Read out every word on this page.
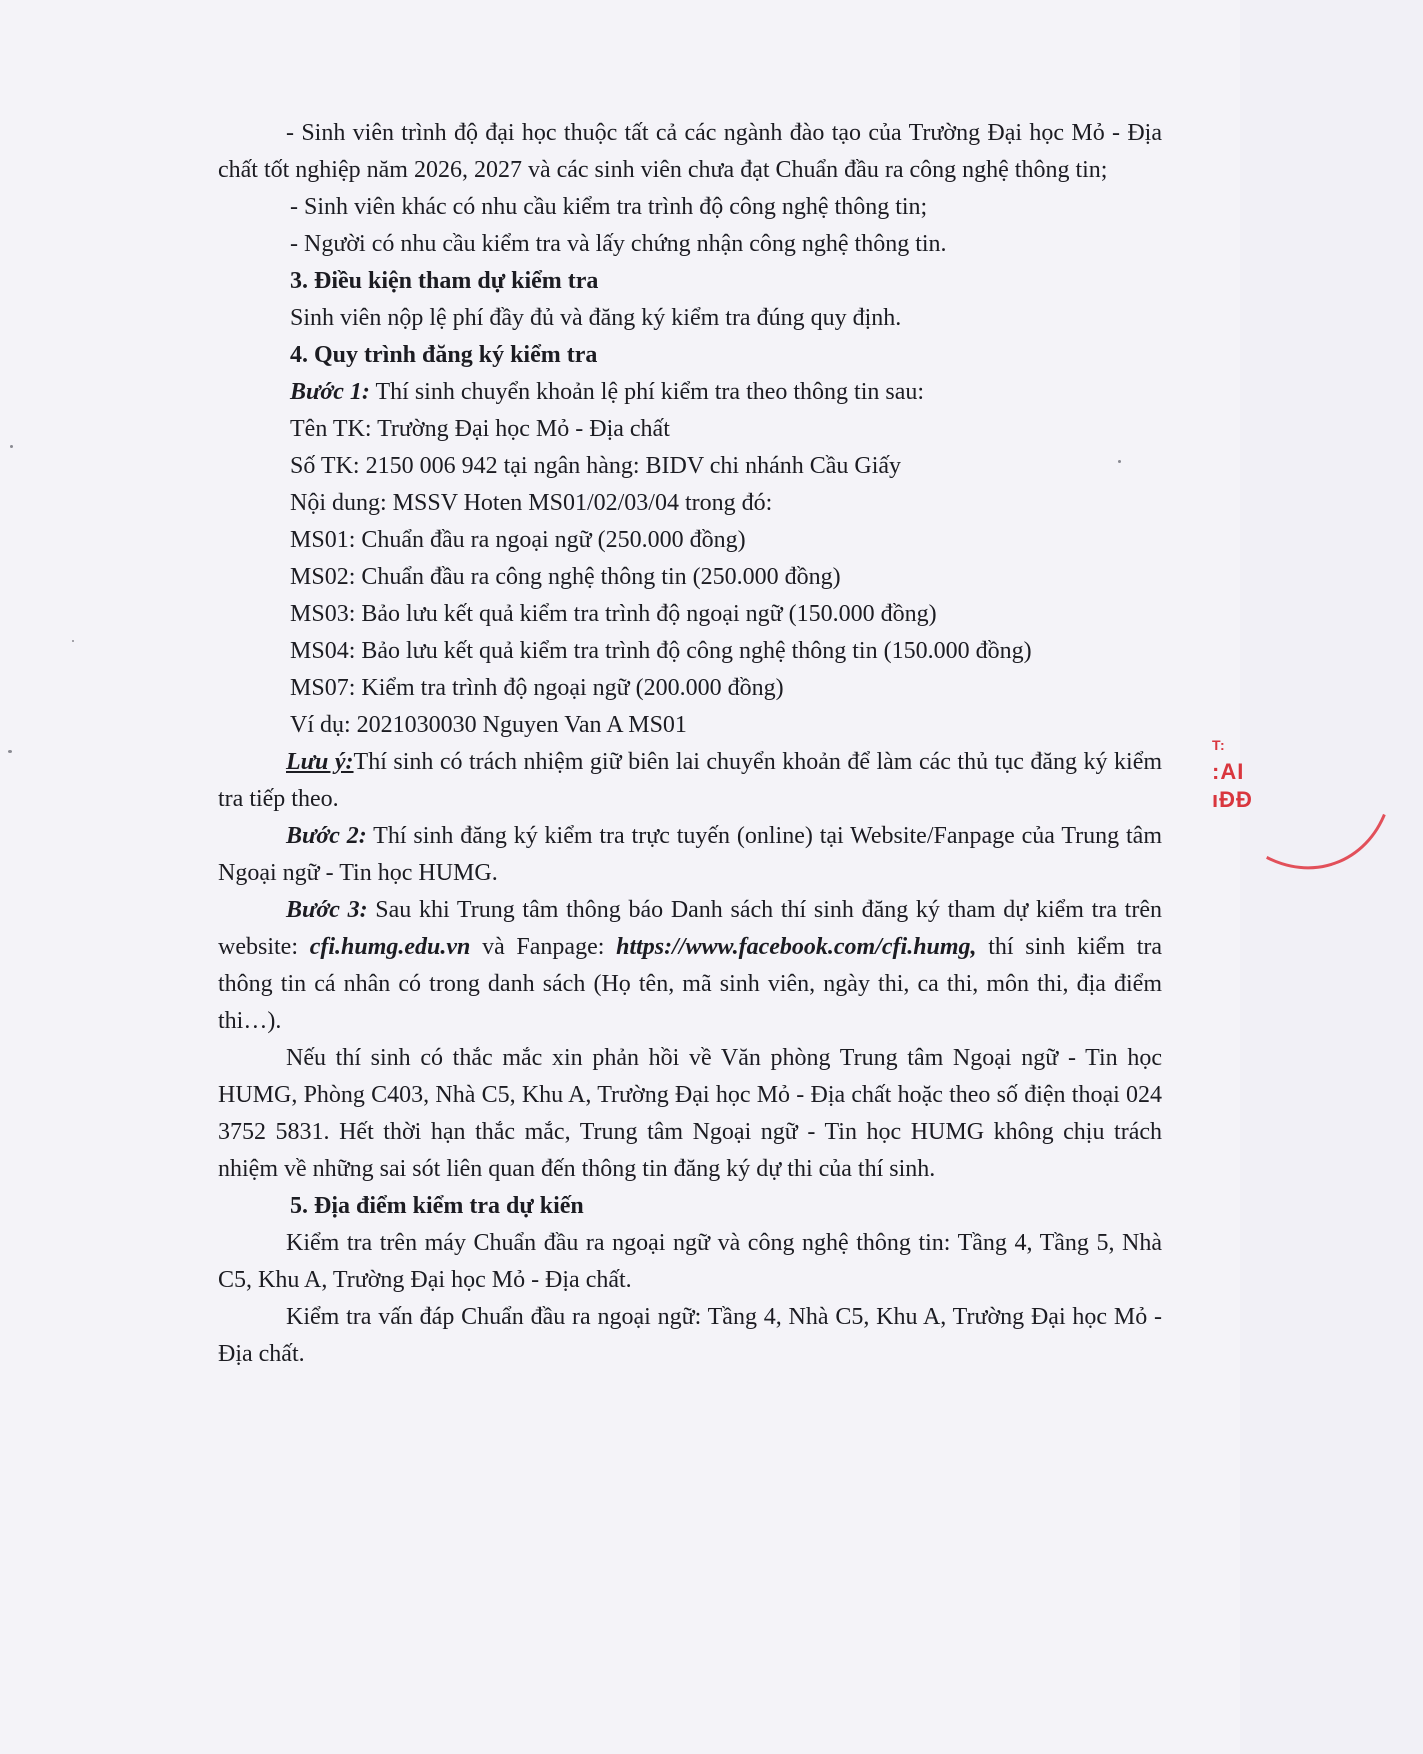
- Sinh viên trình độ đại học thuộc tất cả các ngành đào tạo của Trường Đại học Mỏ - Địa chất tốt nghiệp năm 2026, 2027 và các sinh viên chưa đạt Chuẩn đầu ra công nghệ thông tin;

- Sinh viên khác có nhu cầu kiểm tra trình độ công nghệ thông tin;

- Người có nhu cầu kiểm tra và lấy chứng nhận công nghệ thông tin.

3. Điều kiện tham dự kiểm tra

Sinh viên nộp lệ phí đầy đủ và đăng ký kiểm tra đúng quy định.

4. Quy trình đăng ký kiểm tra

Bước 1: Thí sinh chuyển khoản lệ phí kiểm tra theo thông tin sau:

Tên TK: Trường Đại học Mỏ - Địa chất

Số TK: 2150 006 942 tại ngân hàng: BIDV chi nhánh Cầu Giấy

Nội dung: MSSV Hoten MS01/02/03/04 trong đó:

MS01: Chuẩn đầu ra ngoại ngữ (250.000 đồng)

MS02: Chuẩn đầu ra công nghệ thông tin (250.000 đồng)

MS03: Bảo lưu kết quả kiểm tra trình độ ngoại ngữ (150.000 đồng)

MS04: Bảo lưu kết quả kiểm tra trình độ công nghệ thông tin (150.000 đồng)

MS07: Kiểm tra trình độ ngoại ngữ (200.000 đồng)

Ví dụ: 2021030030 Nguyen Van A MS01

Lưu ý:Thí sinh có trách nhiệm giữ biên lai chuyển khoản để làm các thủ tục đăng ký kiểm tra tiếp theo.

Bước 2: Thí sinh đăng ký kiểm tra trực tuyến (online) tại Website/Fanpage của Trung tâm Ngoại ngữ - Tin học HUMG.

Bước 3: Sau khi Trung tâm thông báo Danh sách thí sinh đăng ký tham dự kiểm tra trên website: cfi.humg.edu.vn và Fanpage: https://www.facebook.com/cfi.humg, thí sinh kiểm tra thông tin cá nhân có trong danh sách (Họ tên, mã sinh viên, ngày thi, ca thi, môn thi, địa điểm thi…).

Nếu thí sinh có thắc mắc xin phản hồi về Văn phòng Trung tâm Ngoại ngữ - Tin học HUMG, Phòng C403, Nhà C5, Khu A, Trường Đại học Mỏ - Địa chất hoặc theo số điện thoại 024 3752 5831. Hết thời hạn thắc mắc, Trung tâm Ngoại ngữ - Tin học HUMG không chịu trách nhiệm về những sai sót liên quan đến thông tin đăng ký dự thi của thí sinh.

5. Địa điểm kiểm tra dự kiến

Kiểm tra trên máy Chuẩn đầu ra ngoại ngữ và công nghệ thông tin: Tầng 4, Tầng 5, Nhà C5, Khu A, Trường Đại học Mỏ - Địa chất.

Kiểm tra vấn đáp Chuẩn đầu ra ngoại ngữ: Tầng 4, Nhà C5, Khu A, Trường Đại học Mỏ - Địa chất.

T:
:AI
ıĐĐ
